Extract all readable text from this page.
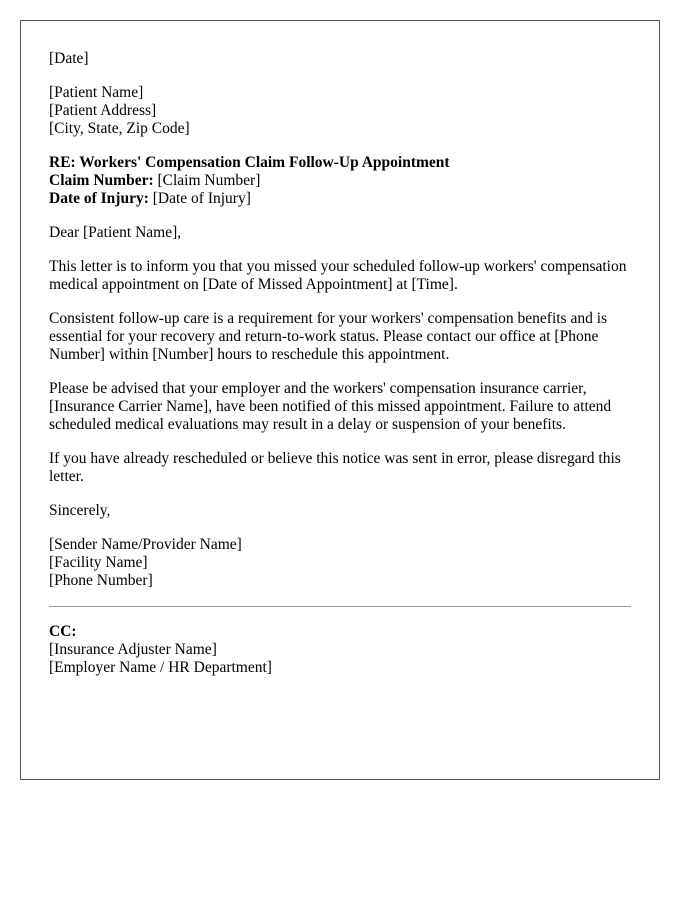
[Date]
[Patient Name]
[Patient Address]
[City, State, Zip Code]
RE: Workers' Compensation Claim Follow-Up Appointment
Claim Number: [Claim Number]
Date of Injury: [Date of Injury]
Dear [Patient Name],
This letter is to inform you that you missed your scheduled follow-up workers' compensation medical appointment on [Date of Missed Appointment] at [Time].
Consistent follow-up care is a requirement for your workers' compensation benefits and is essential for your recovery and return-to-work status. Please contact our office at [Phone Number] within [Number] hours to reschedule this appointment.
Please be advised that your employer and the workers' compensation insurance carrier, [Insurance Carrier Name], have been notified of this missed appointment. Failure to attend scheduled medical evaluations may result in a delay or suspension of your benefits.
If you have already rescheduled or believe this notice was sent in error, please disregard this letter.
Sincerely,
[Sender Name/Provider Name]
[Facility Name]
[Phone Number]
CC:
[Insurance Adjuster Name]
[Employer Name / HR Department]
